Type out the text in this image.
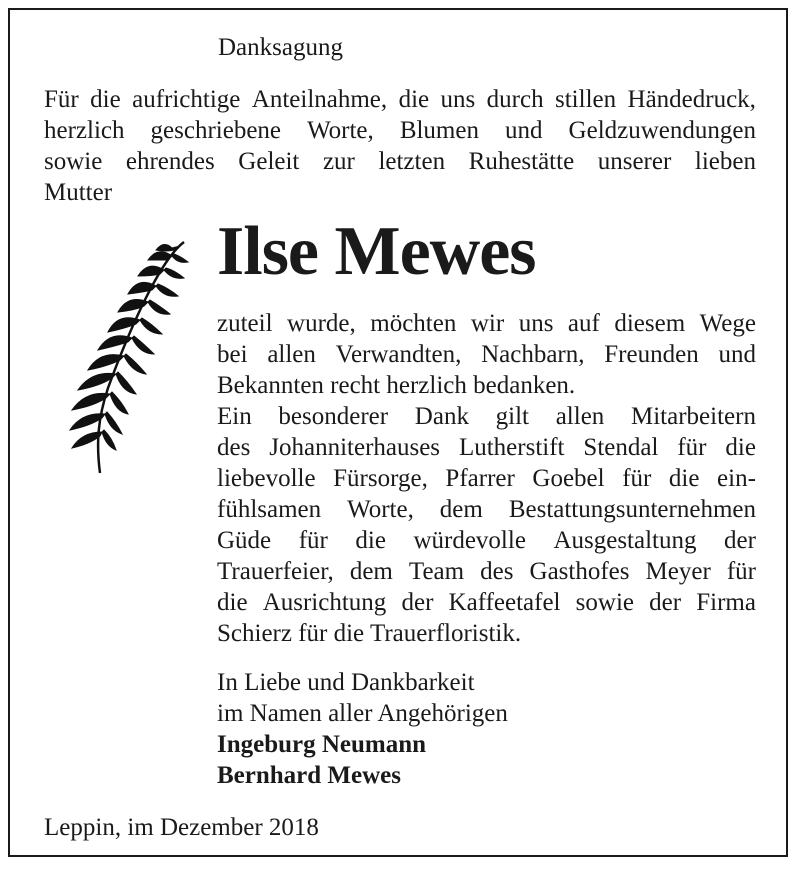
Danksagung
Für die aufrichtige Anteilnahme, die uns durch stillen Händedruck,
herzlich geschriebene Worte, Blumen und Geldzuwendungen
sowie ehrendes Geleit zur letzten Ruhestätte unserer lieben
Mutter
Ilse Mewes
zuteil wurde, möchten wir uns auf diesem Wege
bei allen Verwandten, Nachbarn, Freunden und
Bekannten recht herzlich bedanken.
Ein besonderer Dank gilt allen Mitarbeitern
des Johanniterhauses Lutherstift Stendal für die
liebevolle Fürsorge, Pfarrer Goebel für die ein-
fühlsamen Worte, dem Bestattungsunternehmen
Güde für die würdevolle Ausgestaltung der
Trauerfeier, dem Team des Gasthofes Meyer für
die Ausrichtung der Kaffeetafel sowie der Firma
Schierz für die Trauerfloristik.
In Liebe und Dankbarkeit
im Namen aller Angehörigen
Ingeburg Neumann
Bernhard Mewes
Leppin, im Dezember 2018
